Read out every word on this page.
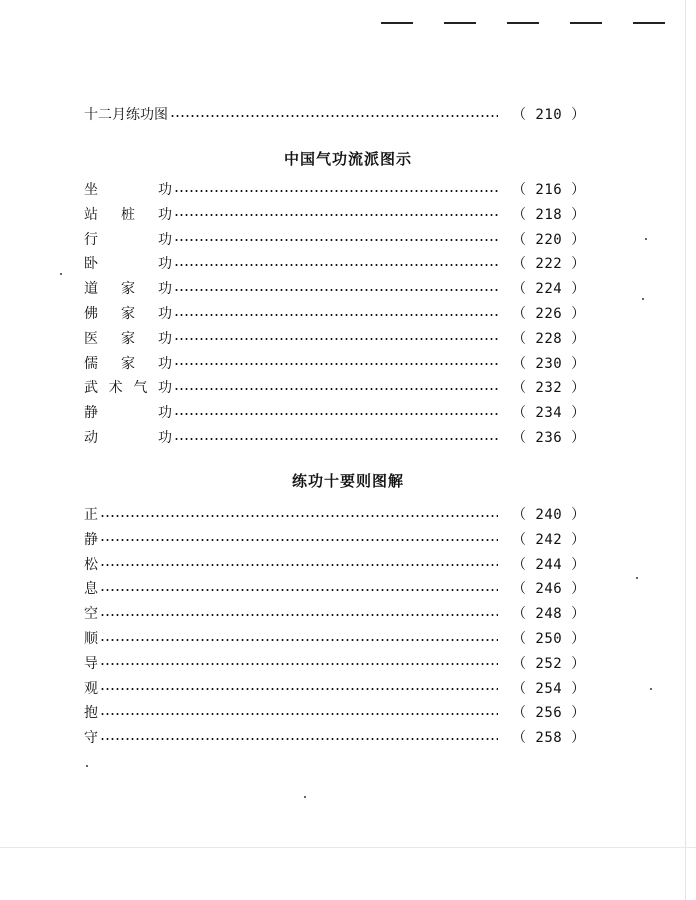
十二月练功图	（ 210 ）
中国气功流派图示
坐	功	（ 216 ）
站 桩 功	（ 218 ）
行	功	（ 220 ）
卧	功	（ 222 ）
道 家 功	（ 224 ）
佛 家 功	（ 226 ）
医 家 功	（ 228 ）
儒 家 功	（ 230 ）
武 术 气 功	（ 232 ）
静	功	（ 234 ）
动	功	（ 236 ）
练功十要则图解
正	（ 240 ）
静	（ 242 ）
松	（ 244 ）
息	（ 246 ）
空	（ 248 ）
顺	（ 250 ）
导	（ 252 ）
观	（ 254 ）
抱	（ 256 ）
守	（ 258 ）
